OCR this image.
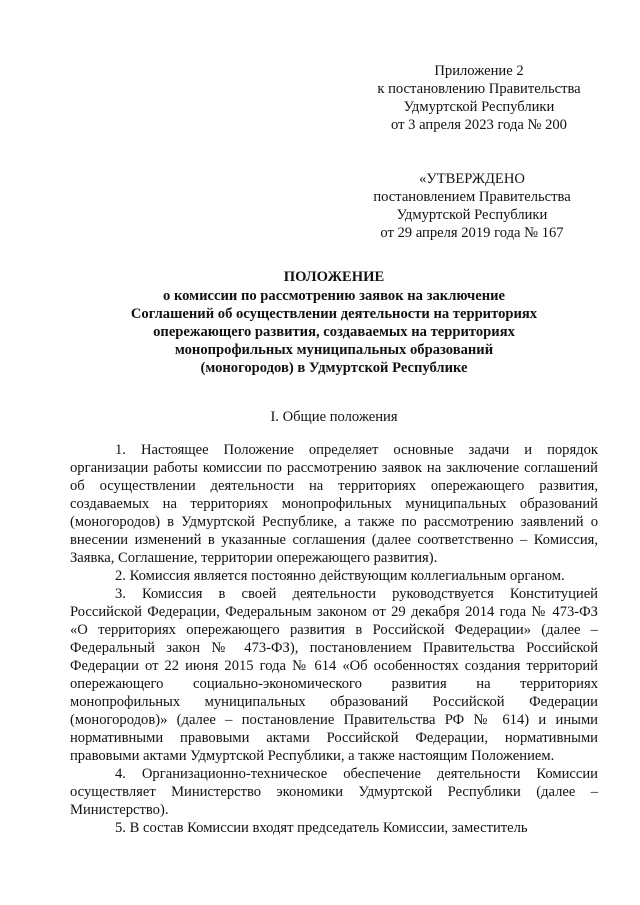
Приложение 2
к постановлению Правительства
Удмуртской Республики
от 3 апреля 2023 года № 200
«УТВЕРЖДЕНО
постановлением Правительства
Удмуртской Республики
от 29 апреля 2019 года № 167
ПОЛОЖЕНИЕ
о комиссии по рассмотрению заявок на заключение
Соглашений об осуществлении деятельности на территориях
опережающего развития, создаваемых на территориях
монопрофильных муниципальных образований
(моногородов) в Удмуртской Республике
I. Общие положения

1. Настоящее Положение определяет основные задачи и порядок организации работы комиссии по рассмотрению заявок на заключение соглашений об осуществлении деятельности на территориях опережающего развития, создаваемых на территориях монопрофильных муниципальных образований (моногородов) в Удмуртской Республике, а также по рассмотрению заявлений о внесении изменений в указанные соглашения (далее соответственно – Комиссия, Заявка, Соглашение, территории опережающего развития).

2. Комиссия является постоянно действующим коллегиальным органом.

3. Комиссия в своей деятельности руководствуется Конституцией Российской Федерации, Федеральным законом от 29 декабря 2014 года № 473-ФЗ «О территориях опережающего развития в Российской Федерации» (далее – Федеральный закон № 473-ФЗ), постановлением Правительства Российской Федерации от 22 июня 2015 года № 614 «Об особенностях создания территорий опережающего социально-экономического развития на территориях монопрофильных муниципальных образований Российской Федерации (моногородов)» (далее – постановление Правительства РФ № 614) и иными нормативными правовыми актами Российской Федерации, нормативными правовыми актами Удмуртской Республики, а также настоящим Положением.

4. Организационно-техническое обеспечение деятельности Комиссии осуществляет Министерство экономики Удмуртской Республики (далее – Министерство).

5. В состав Комиссии входят председатель Комиссии, заместитель
